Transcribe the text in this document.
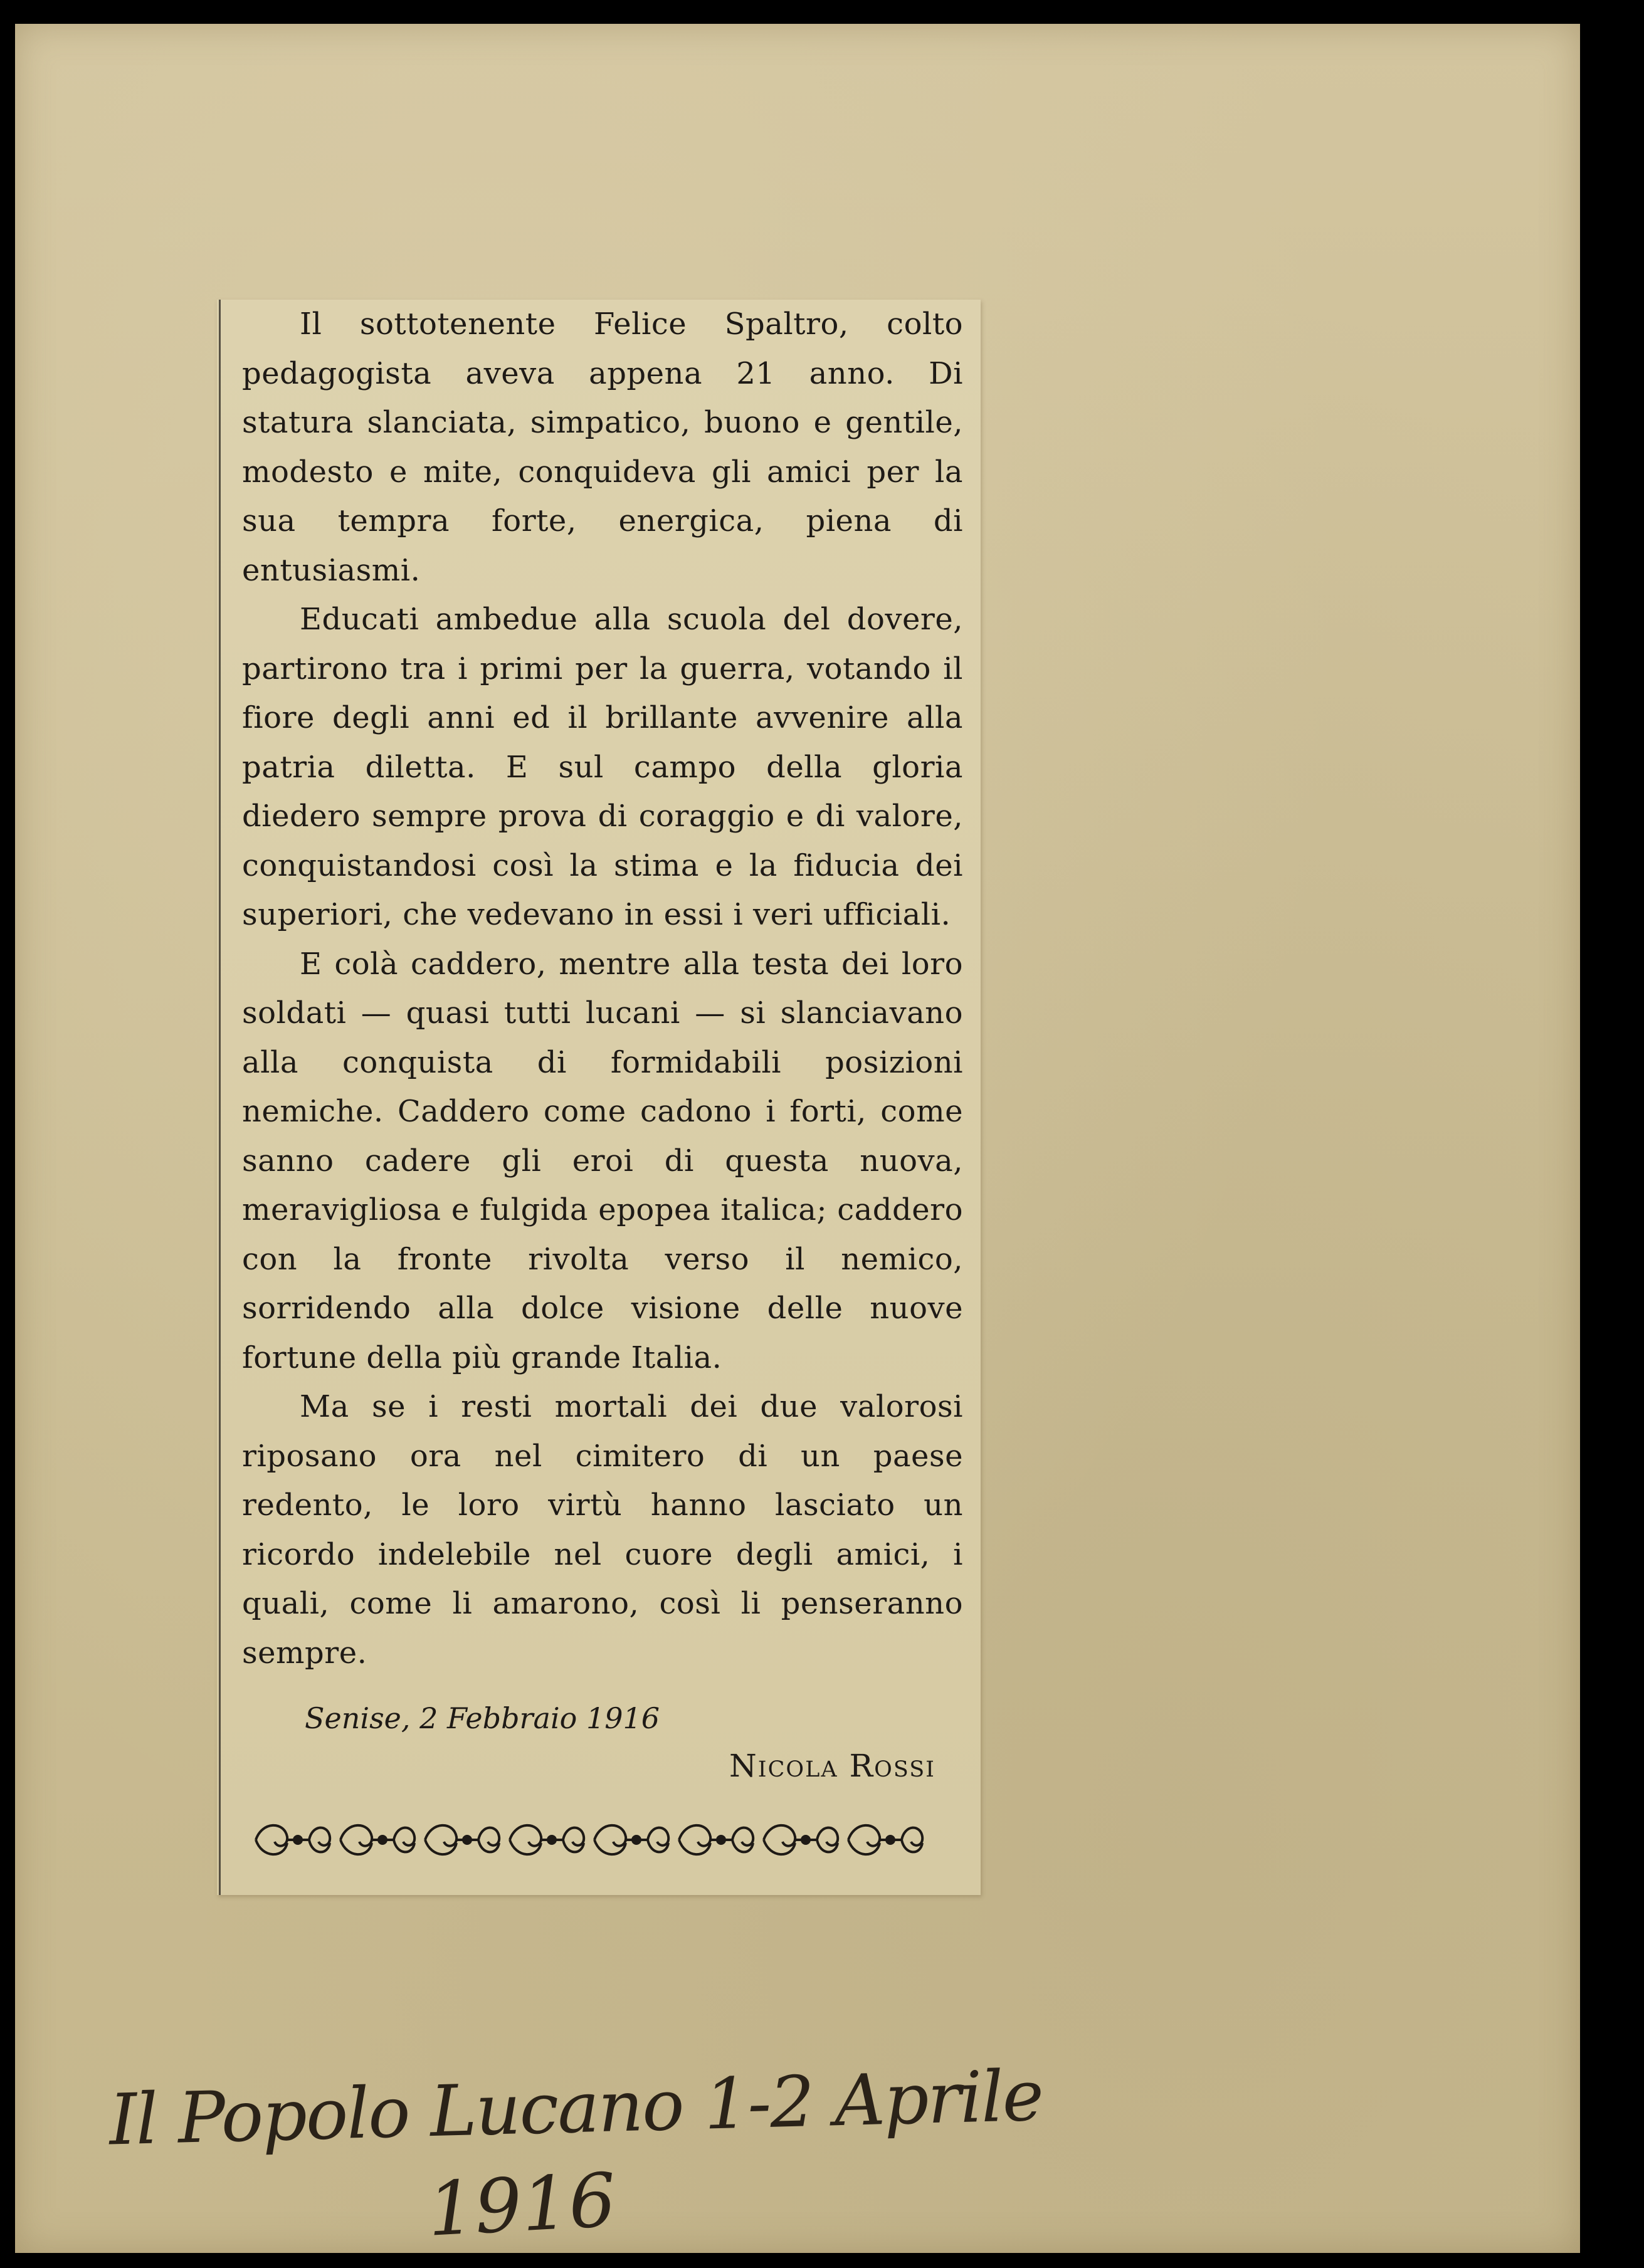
Il sottotenente Felice Spaltro, colto pedagogista aveva appena 21 anno. Di statura slanciata, simpatico, buono e gentile, modesto e mite, conquideva gli amici per la sua tempra forte, energica, piena di entusiasmi.

Educati ambedue alla scuola del dovere, partirono tra i primi per la guerra, votando il fiore degli anni ed il brillante avvenire alla patria diletta. E sul campo della gloria diedero sempre prova di coraggio e di valore, conquistandosi così la stima e la fiducia dei superiori, che vedevano in essi i veri ufficiali.

E colà caddero, mentre alla testa dei loro soldati — quasi tutti lucani — si slanciavano alla conquista di formidabili posizioni nemiche. Caddero come cadono i forti, come sanno cadere gli eroi di questa nuova, meravigliosa e fulgida epopea italica; caddero con la fronte rivolta verso il nemico, sorridendo alla dolce visione delle nuove fortune della più grande Italia.

Ma se i resti mortali dei due valorosi riposano ora nel cimitero di un paese redento, le loro virtù hanno lasciato un ricordo indelebile nel cuore degli amici, i quali, come li amarono, così li penseranno sempre.

Senise, 2 Febbraio 1916
Nicola Rossi
Il Popolo Lucano 1-2 Aprile
1916
